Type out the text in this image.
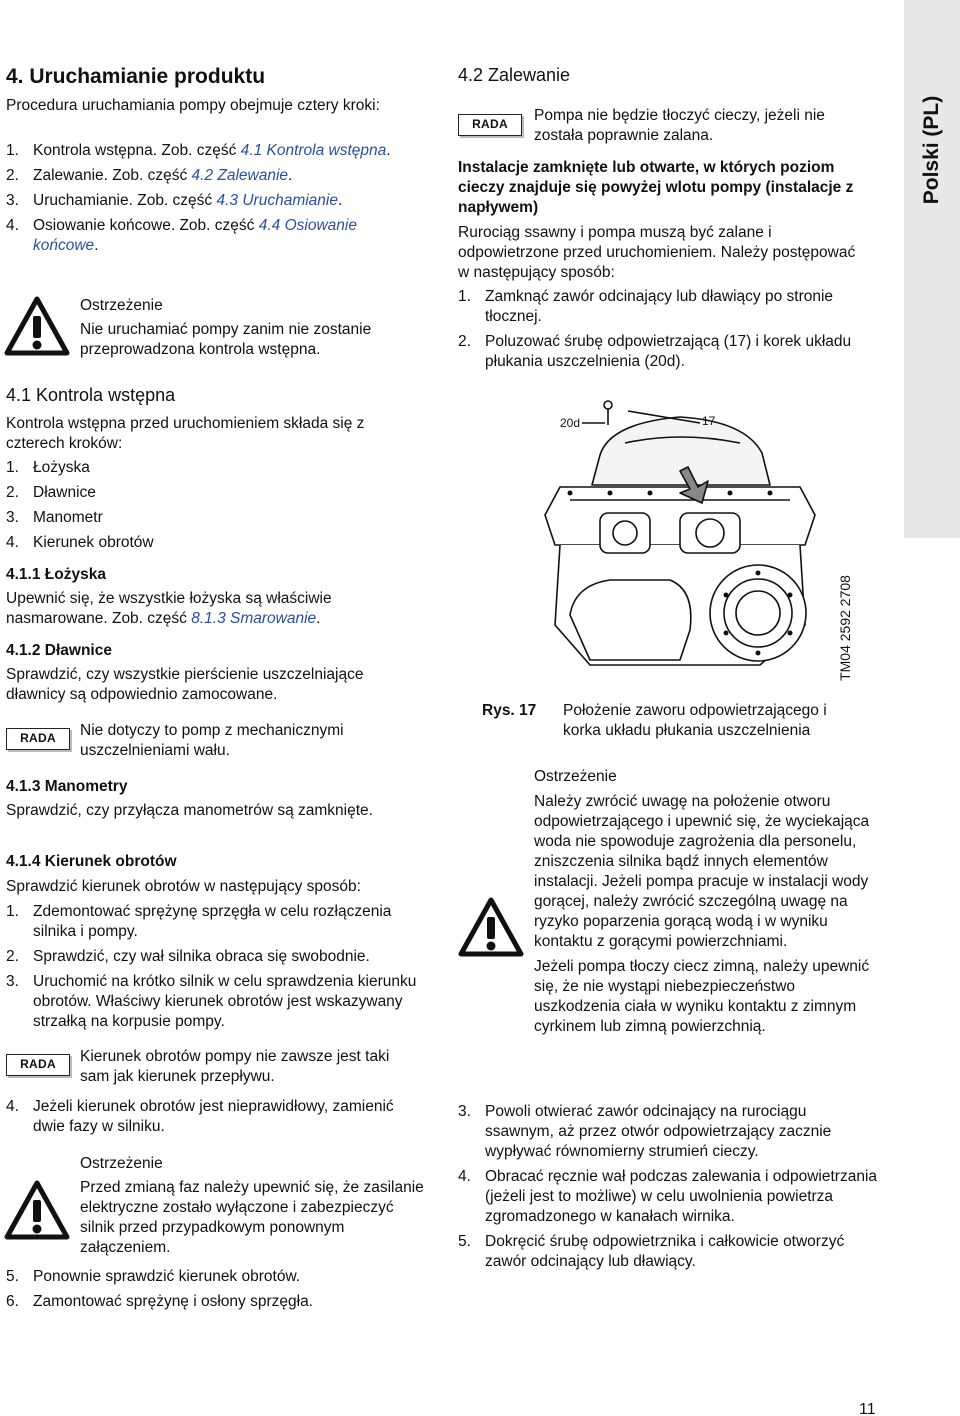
Polski (PL)
4. Uruchamianie produktu
Procedura uruchamiania pompy obejmuje cztery kroki:
1. Kontrola wstępna. Zob. część 4.1 Kontrola wstępna.
2. Zalewanie. Zob. część 4.2 Zalewanie.
3. Uruchamianie. Zob. część 4.3 Uruchamianie.
4. Osiowanie końcowe. Zob. część 4.4 Osiowanie końcowe.
Ostrzeżenie
Nie uruchamiać pompy zanim nie zostanie przeprowadzona kontrola wstępna.
4.1 Kontrola wstępna
Kontrola wstępna przed uruchomieniem składa się z czterech kroków:
1. Łożyska
2. Dławnice
3. Manometr
4. Kierunek obrotów
4.1.1 Łożyska
Upewnić się, że wszystkie łożyska są właściwie nasmarowane. Zob. część 8.1.3 Smarowanie.
4.1.2 Dławnice
Sprawdzić, czy wszystkie pierścienie uszczelniające dławnicy są odpowiednio zamocowane.
RADA	Nie dotyczy to pomp z mechanicznymi uszczelnieniami wału.
4.1.3 Manometry
Sprawdzić, czy przyłącza manometrów są zamknięte.
4.1.4 Kierunek obrotów
Sprawdzić kierunek obrotów w następujący sposób:
1. Zdemontować sprężynę sprzęgła w celu rozłączenia silnika i pompy.
2. Sprawdzić, czy wał silnika obraca się swobodnie.
3. Uruchomić na krótko silnik w celu sprawdzenia kierunku obrotów. Właściwy kierunek obrotów jest wskazywany strzałką na korpusie pompy.
RADA	Kierunek obrotów pompy nie zawsze jest taki sam jak kierunek przepływu.
4. Jeżeli kierunek obrotów jest nieprawidłowy, zamienić dwie fazy w silniku.
Ostrzeżenie
Przed zmianą faz należy upewnić się, że zasilanie elektryczne zostało wyłączone i zabezpieczyć silnik przed przypadkowym ponownym załączeniem.
5. Ponownie sprawdzić kierunek obrotów.
6. Zamontować sprężynę i osłony sprzęgła.
4.2 Zalewanie
RADA	Pompa nie będzie tłoczyć cieczy, jeżeli nie została poprawnie zalana.
Instalacje zamknięte lub otwarte, w których poziom cieczy znajduje się powyżej wlotu pompy (instalacje z napływem)
Rurociąg ssawny i pompa muszą być zalane i odpowietrzone przed uruchomieniem. Należy postępować w następujący sposób:
1. Zamknąć zawór odcinający lub dławiący po stronie tłocznej.
2. Poluzować śrubę odpowietrzającą (17) i korek układu płukania uszczelnienia (20d).
20d	17
TM04 2592 2708
Rys. 17 Położenie zaworu odpowietrzającego i korka układu płukania uszczelnienia
Ostrzeżenie
Należy zwrócić uwagę na położenie otworu odpowietrzającego i upewnić się, że wyciekająca woda nie spowoduje zagrożenia dla personelu, zniszczenia silnika bądź innych elementów instalacji. Jeżeli pompa pracuje w instalacji wody gorącej, należy zwrócić szczególną uwagę na ryzyko poparzenia gorącą wodą i w wyniku kontaktu z gorącymi powierzchniami.
Jeżeli pompa tłoczy ciecz zimną, należy upewnić się, że nie wystąpi niebezpieczeństwo uszkodzenia ciała w wyniku kontaktu z zimnym cyrkinem lub zimną powierzchnią.
3. Powoli otwierać zawór odcinający na rurociągu ssawnym, aż przez otwór odpowietrzający zacznie wypływać równomierny strumień cieczy.
4. Obracać ręcznie wał podczas zalewania i odpowietrzania (jeżeli jest to możliwe) w celu uwolnienia powietrza zgromadzonego w kanałach wirnika.
5. Dokręcić śrubę odpowietrznika i całkowicie otworzyć zawór odcinający lub dławiący.
11
